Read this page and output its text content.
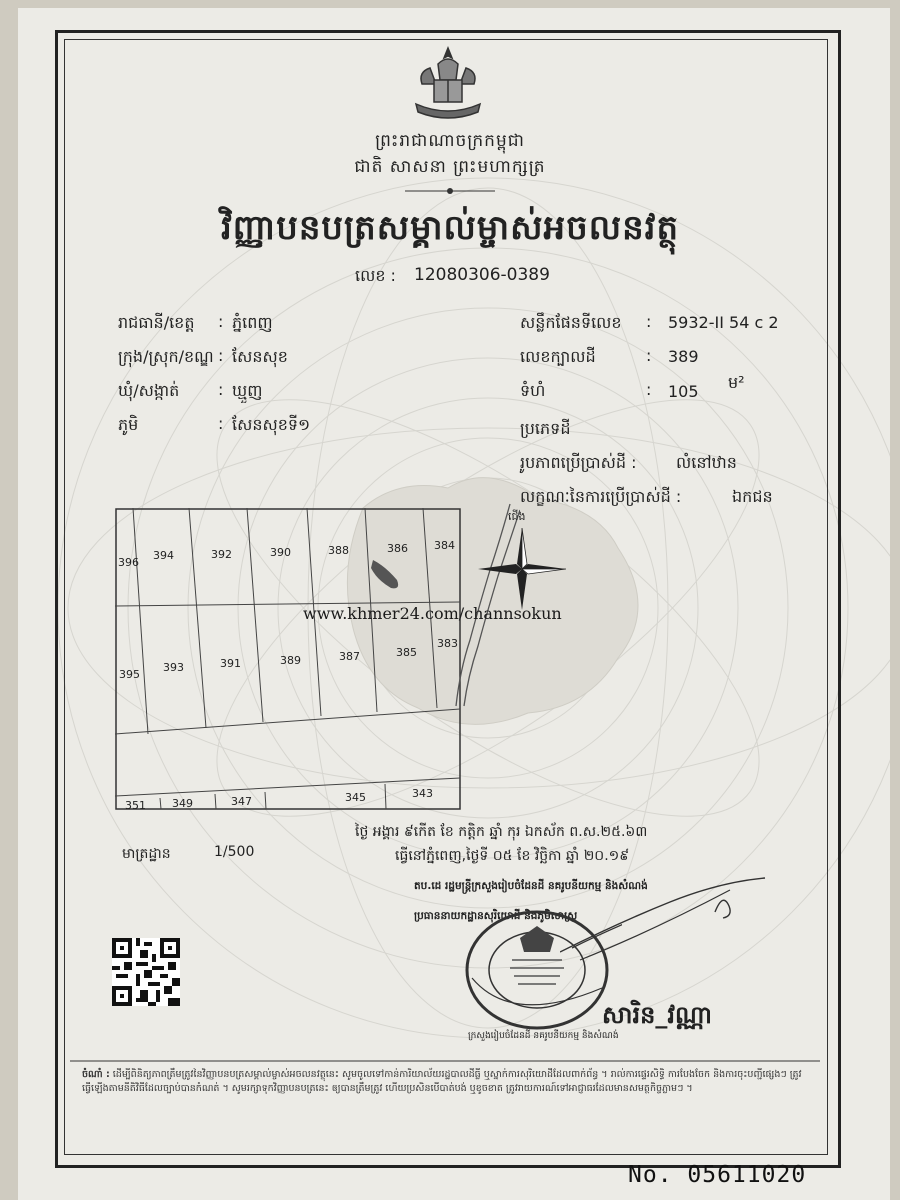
ព្រះរាជាណាចក្រកម្ពុជា
ជាតិ សាសនា ព្រះមហាក្សត្រ
វិញ្ញាបនបត្រសម្គាល់ម្ចាស់អចលនវត្ថុ
លេខ : 12080306-0389
រាជធានី/ខេត្ត : ភ្នំពេញ
ក្រុង/ស្រុក/ខណ្ឌ : សែនសុខ
ឃុំ/សង្កាត់ : ឃ្មួញ
ភូមិ	: សែនសុខទី១
សន្លឹកផែនទីលេខ : 5932-II 54 c 2
លេខក្បាលដី	: 389
ទំហំ	: 105 ម²
ប្រភេទដី
រូបភាពប្រើប្រាស់ដី : លំនៅឋាន
លក្ខណៈនៃការប្រើប្រាស់ដី :	ឯកជន
396
394	392	390	388	386 384
395
393	391	389	387	385
383
351 349	347	345	343
ជើង
www.khmer24.com/channsokun
ថ្ងៃ អង្គារ ៩កើត ខែ កត្តិក ឆ្នាំ កុរ ឯកស័ក ព.ស.២៥.៦៣
ធ្វើនៅភ្នំពេញ,ថ្ងៃទី ០៥ ខែ វិច្ឆិកា ឆ្នាំ ២០.១៩
មាត្រដ្ឋាន	1/500
តប.ដេ រដ្ឋមន្ត្រីក្រសួងរៀបចំដែនដី នគរូបនីយកម្ម និងសំណង់
ប្រធាននាយកដ្ឋានសុរិយោដី និងភូមិសាស្ត្រ
ក្រសួងរៀបចំដែនដី នគរូបនីយកម្ម និងសំណង់
សារិន_វណ្ណា
ចំណាំ : ដើម្បីពិនិត្យភាពត្រឹមត្រូវនៃវិញ្ញាបនបត្រសម្គាល់ម្ចាស់អចលនវត្ថុនេះ សូមចូលទៅកាន់ការិយាល័យរដ្ឋបាលដីធ្លី ឬស្នាក់ការសុរិយោដីដែលពាក់ព័ន្ធ ។ រាល់ការផ្ទេរសិទ្ធិ ការបែងចែក និងការចុះបញ្ជីផ្សេងៗ ត្រូវធ្វើឡើងតាមនីតិវិធីដែលច្បាប់បានកំណត់ ។ សូមរក្សាទុកវិញ្ញាបនបត្រនេះ ឲ្យបានត្រឹមត្រូវ ហើយប្រសិនបើបាត់បង់ ឬខូចខាត ត្រូវរាយការណ៍ទៅអាជ្ញាធរដែលមានសមត្ថកិច្ចភ្លាមៗ ។
No. 05611020
